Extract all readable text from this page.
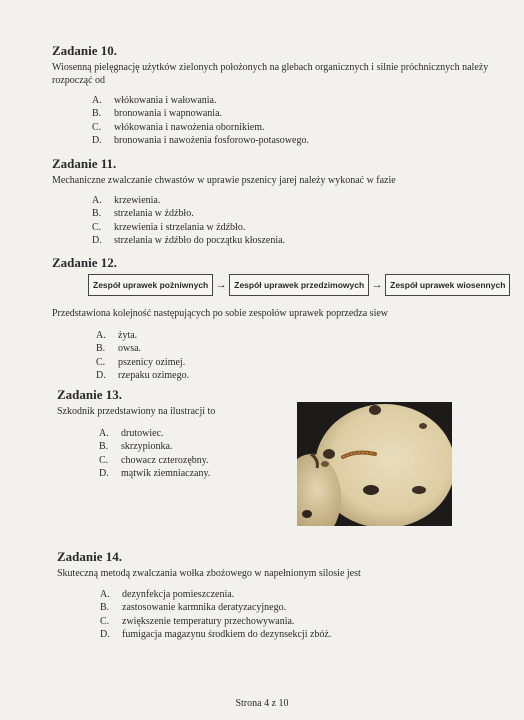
Zadanie 10.
Wiosenną pielęgnację użytków zielonych położonych na glebach organicznych i silnie próchnicznych należy rozpocząć od
A.	włókowania i wałowania.
B.	bronowania i wapnowania.
C.	włókowania i nawożenia obornikiem.
D.	bronowania i nawożenia fosforowo-potasowego.
Zadanie 11.
Mechaniczne zwalczanie chwastów w uprawie pszenicy jarej należy wykonać w fazie
A.	krzewienia.
B.	strzelania w źdźbło.
C.	krzewienia i strzelania w źdźbło.
D.	strzelania w źdźbło do początku kłoszenia.
Zadanie 12.
Zespół uprawek pożniwnych → Zespół uprawek przedzimowych → Zespół uprawek wiosennych
Przedstawiona kolejność następujących po sobie zespołów uprawek poprzedza siew
A.	żyta.
B.	owsa.
C.	pszenicy ozimej.
D.	rzepaku ozimego.
Zadanie 13.
Szkodnik przedstawiony na ilustracji to
A.	drutowiec.
B.	skrzypionka.
C.	chowacz czterozębny.
D.	mątwik ziemniaczany.
Zadanie 14.
Skuteczną metodą zwalczania wołka zbożowego w napełnionym silosie jest
A.	dezynfekcja pomieszczenia.
B.	zastosowanie karmnika deratyzacyjnego.
C.	zwiększenie temperatury przechowywania.
D.	fumigacja magazynu środkiem do dezynsekcji zbóż.
Strona 4 z 10
